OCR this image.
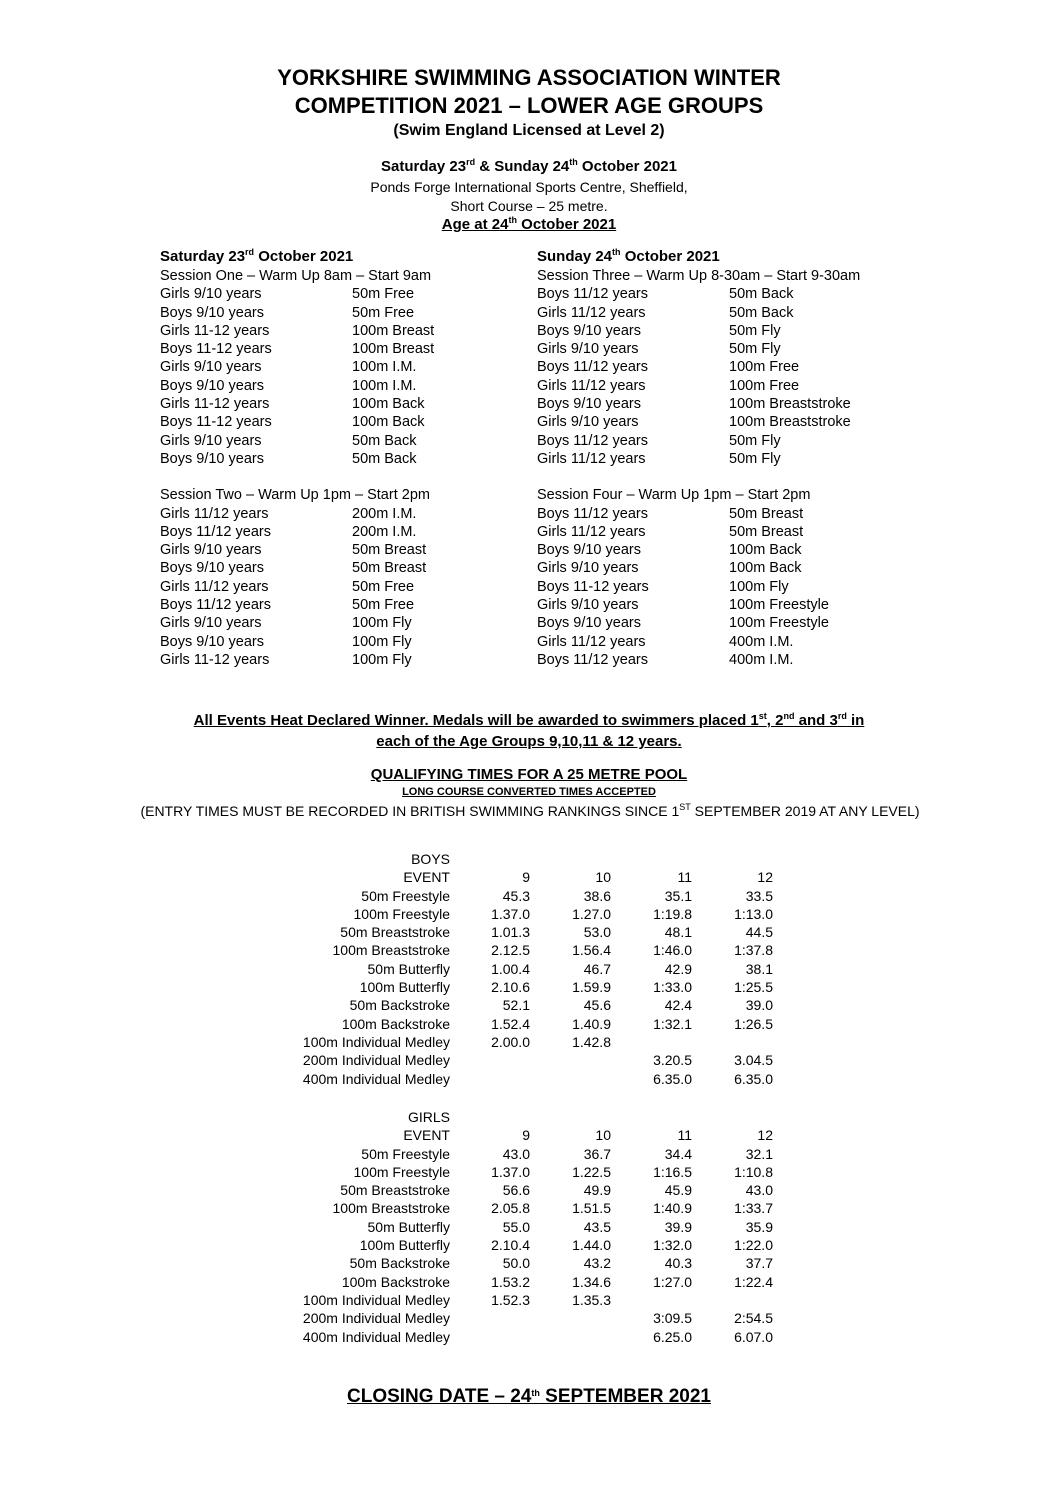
YORKSHIRE SWIMMING ASSOCIATION WINTER
COMPETITION 2021 – LOWER AGE GROUPS
(Swim England Licensed at Level 2)
Saturday 23rd & Sunday 24th October 2021
Ponds Forge International Sports Centre, Sheffield,
Short Course – 25 metre.
Age at 24th October 2021
Saturday 23rd October 2021
Session One – Warm Up 8am – Start 9am
Girls 9/10 years	50m Free
Boys 9/10 years	50m Free
Girls 11-12 years	100m Breast
Boys 11-12 years	100m Breast
Girls 9/10 years	100m I.M.
Boys 9/10 years	100m I.M.
Girls 11-12 years	100m Back
Boys 11-12 years	100m Back
Girls 9/10 years	50m Back
Boys 9/10 years	50m Back
Session Two – Warm Up 1pm – Start 2pm
Girls 11/12 years	200m I.M.
Boys 11/12 years	200m I.M.
Girls 9/10 years	50m Breast
Boys 9/10 years	50m Breast
Girls 11/12 years	50m Free
Boys 11/12 years	50m Free
Girls 9/10 years	100m Fly
Boys 9/10 years	100m Fly
Girls 11-12 years	100m Fly
Sunday 24th October 2021
Session Three – Warm Up 8-30am – Start 9-30am
Boys 11/12 years	50m Back
Girls 11/12 years	50m Back
Boys 9/10 years	50m Fly
Girls 9/10 years	50m Fly
Boys 11/12 years	100m Free
Girls 11/12 years	100m Free
Boys 9/10 years	100m Breaststroke
Girls 9/10 years	100m Breaststroke
Boys 11/12 years	50m Fly
Girls 11/12 years	50m Fly
Session Four – Warm Up 1pm – Start 2pm
Boys 11/12 years	50m Breast
Girls 11/12 years	50m Breast
Boys 9/10 years	100m Back
Girls 9/10 years	100m Back
Boys 11-12 years	100m Fly
Girls 9/10 years	100m Freestyle
Boys 9/10 years	100m Freestyle
Girls 11/12 years	400m I.M.
Boys 11/12 years	400m I.M.
All Events Heat Declared Winner. Medals will be awarded to swimmers placed 1st, 2nd and 3rd in
each of the Age Groups 9,10,11 & 12 years.
QUALIFYING TIMES FOR A 25 METRE POOL
LONG COURSE CONVERTED TIMES ACCEPTED
(ENTRY TIMES MUST BE RECORDED IN BRITISH SWIMMING RANKINGS SINCE 1ST SEPTEMBER 2019 AT ANY LEVEL)
BOYS				
EVENT	9	10	11	12
50m Freestyle	45.3	38.6	35.1	33.5
100m Freestyle	1.37.0	1.27.0	1:19.8	1:13.0
50m Breaststroke	1.01.3	53.0	48.1	44.5
100m Breaststroke	2.12.5	1.56.4	1:46.0	1:37.8
50m Butterfly	1.00.4	46.7	42.9	38.1
100m Butterfly	2.10.6	1.59.9	1:33.0	1:25.5
50m Backstroke	52.1	45.6	42.4	39.0
100m Backstroke	1.52.4	1.40.9	1:32.1	1:26.5
100m Individual Medley	2.00.0	1.42.8		
200m Individual Medley			3.20.5	3.04.5
400m Individual Medley			6.35.0	6.35.0
GIRLS				
EVENT	9	10	11	12
50m Freestyle	43.0	36.7	34.4	32.1
100m Freestyle	1.37.0	1.22.5	1:16.5	1:10.8
50m Breaststroke	56.6	49.9	45.9	43.0
100m Breaststroke	2.05.8	1.51.5	1:40.9	1:33.7
50m Butterfly	55.0	43.5	39.9	35.9
100m Butterfly	2.10.4	1.44.0	1:32.0	1:22.0
50m Backstroke	50.0	43.2	40.3	37.7
100m Backstroke	1.53.2	1.34.6	1:27.0	1:22.4
100m Individual Medley	1.52.3	1.35.3		
200m Individual Medley			3:09.5	2:54.5
400m Individual Medley			6.25.0	6.07.0
CLOSING DATE – 24th SEPTEMBER 2021
